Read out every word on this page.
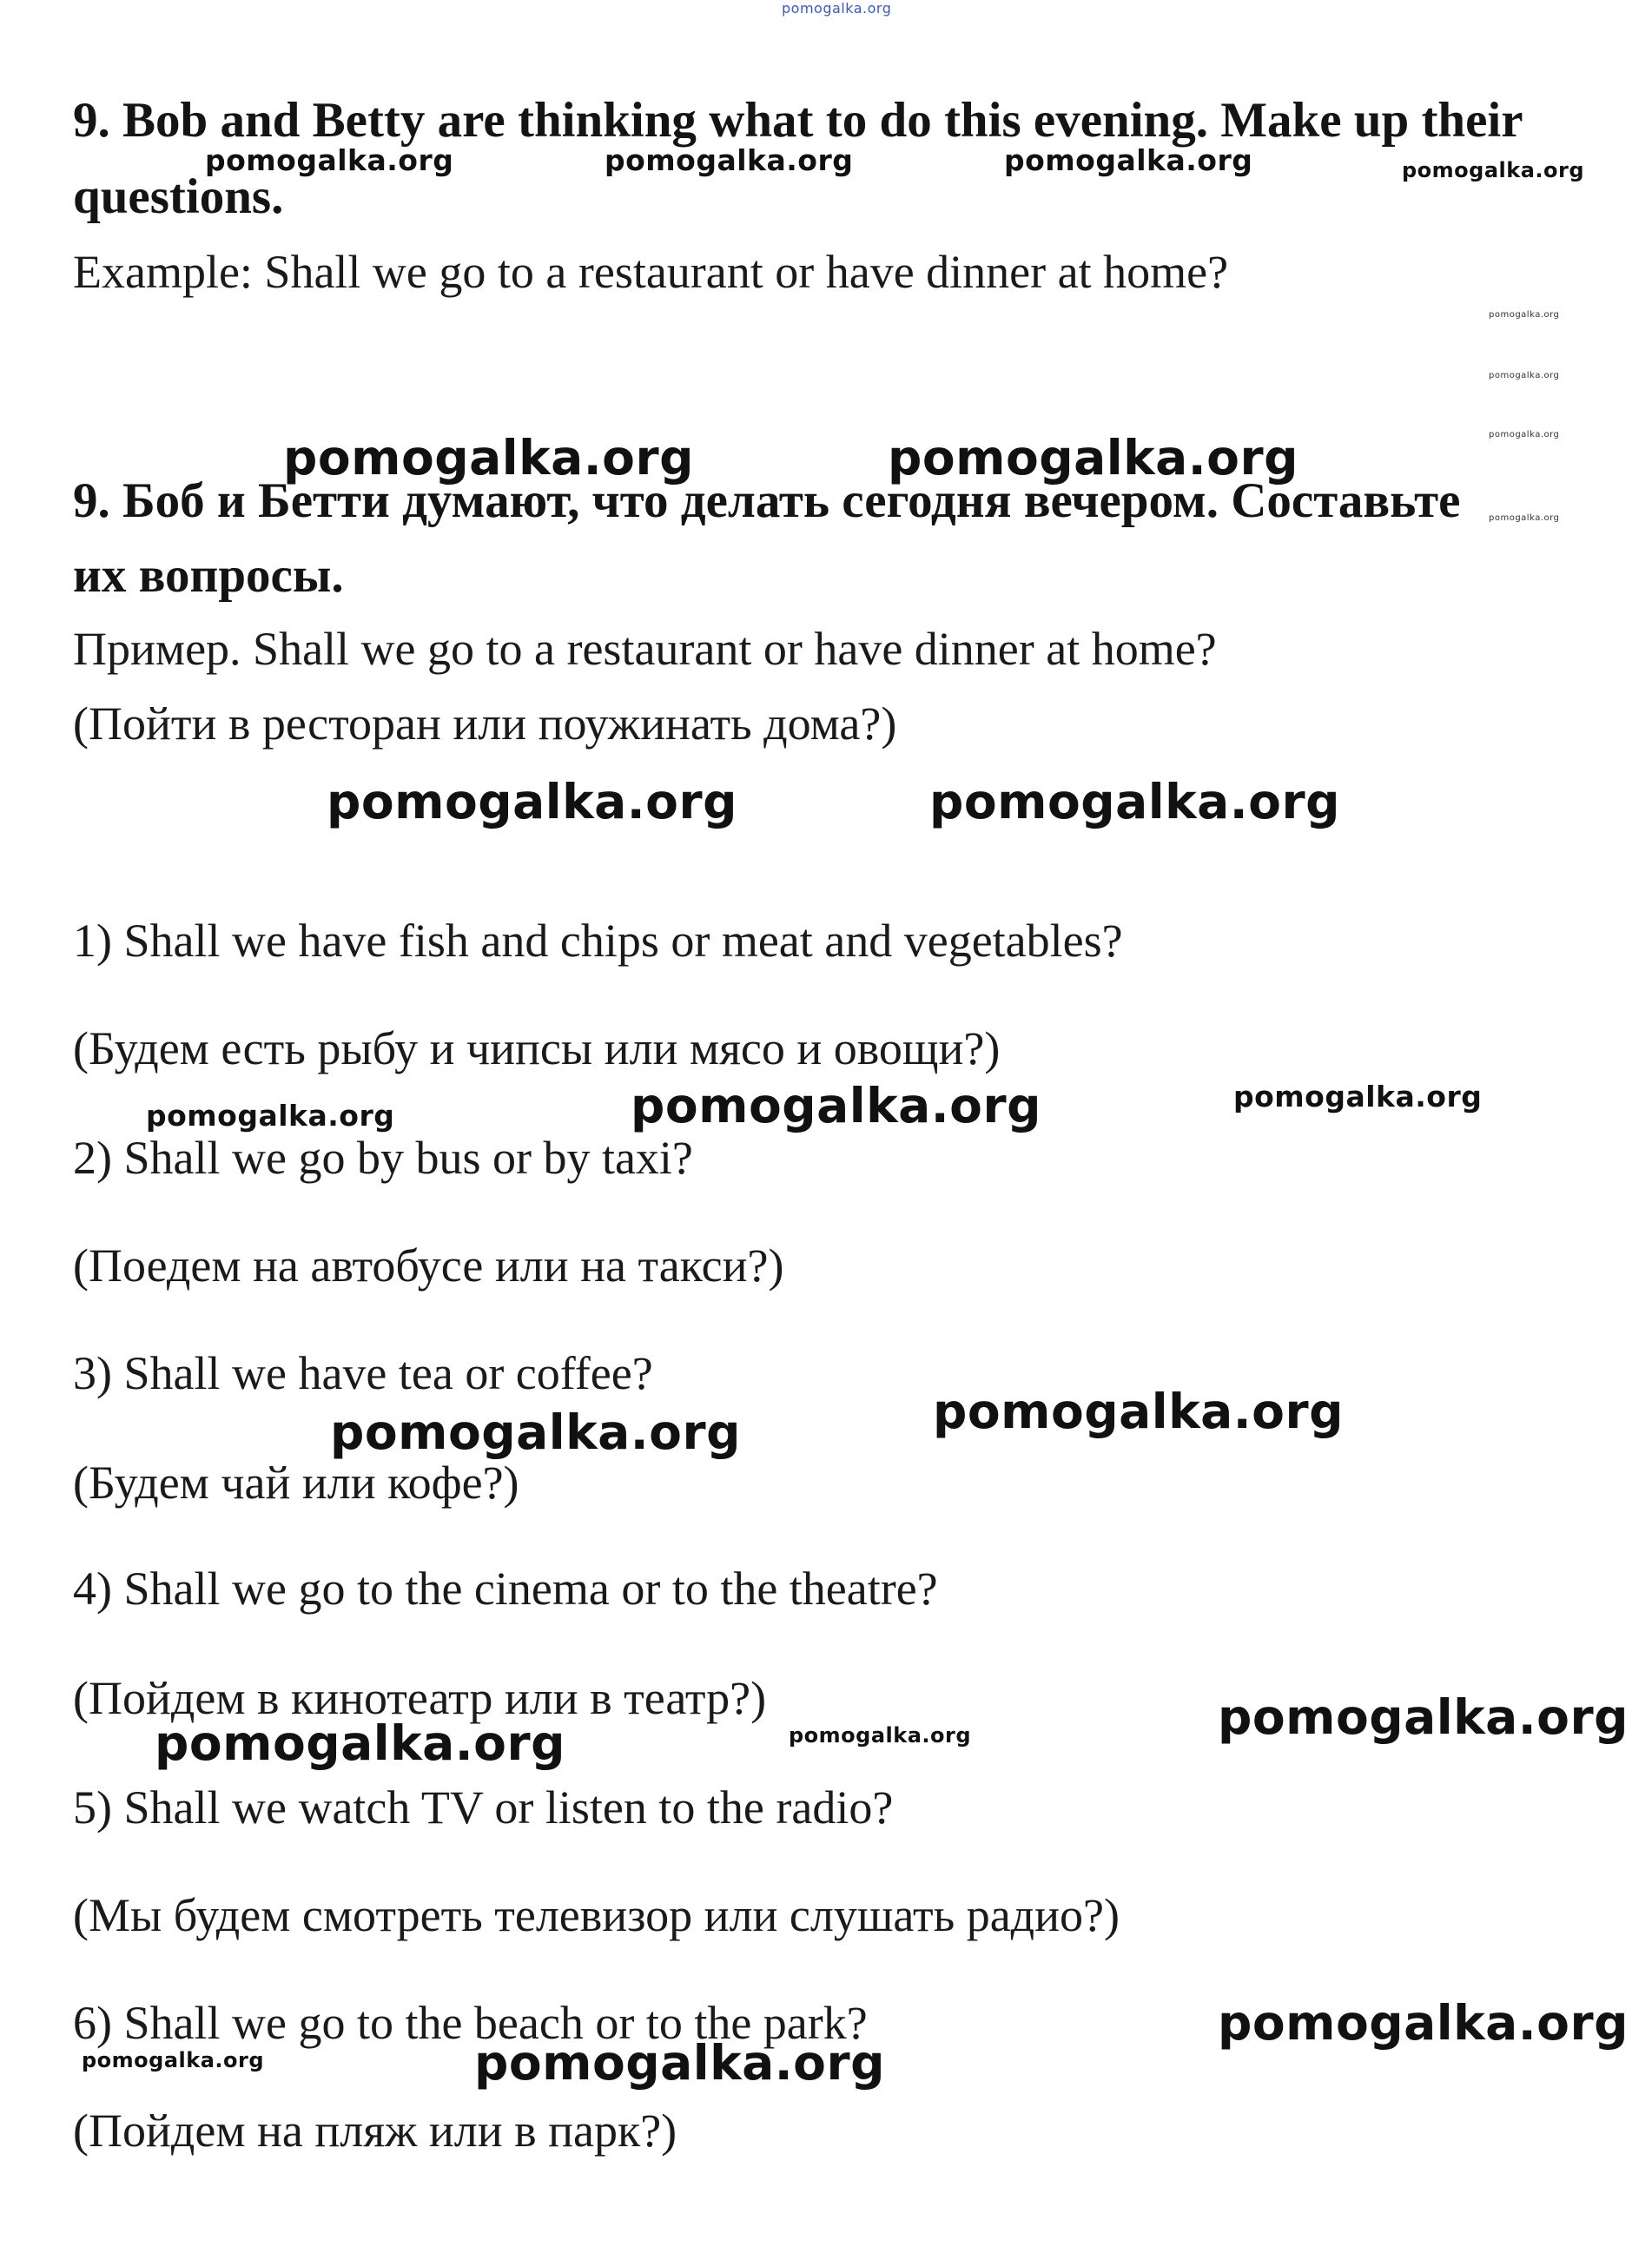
pomogalka.org
9. Bob and Betty are thinking what to do this evening. Make up their
pomogalka.org	pomogalka.org	pomogalka.org	pomogalka.org
questions.
Example: Shall we go to a restaurant or have dinner at home?
pomogalka.org
pomogalka.org
pomogalka.org
pomogalka.org
pomogalka.org	pomogalka.org
9. Боб и Бетти думают, что делать сегодня вечером. Составьте
их вопросы.
Пример. Shall we go to a restaurant or have dinner at home?
(Пойти в ресторан или поужинать дома?)
pomogalka.org	pomogalka.org
1) Shall we have fish and chips or meat and vegetables?
(Будем есть рыбу и чипсы или мясо и овощи?)
pomogalka.org	pomogalka.org	pomogalka.org
2) Shall we go by bus or by taxi?
(Поедем на автобусе или на такси?)
3) Shall we have tea or coffee?
pomogalka.org
pomogalka.org
(Будем чай или кофе?)
4) Shall we go to the cinema or to the theatre?
(Пойдем в кинотеатр или в театр?)
pomogalka.org	pomogalka.org	pomogalka.org
5) Shall we watch TV or listen to the radio?
(Мы будем смотреть телевизор или слушать радио?)
6) Shall we go to the beach or to the park?	pomogalka.org
pomogalka.org	pomogalka.org
(Пойдем на пляж или в парк?)
